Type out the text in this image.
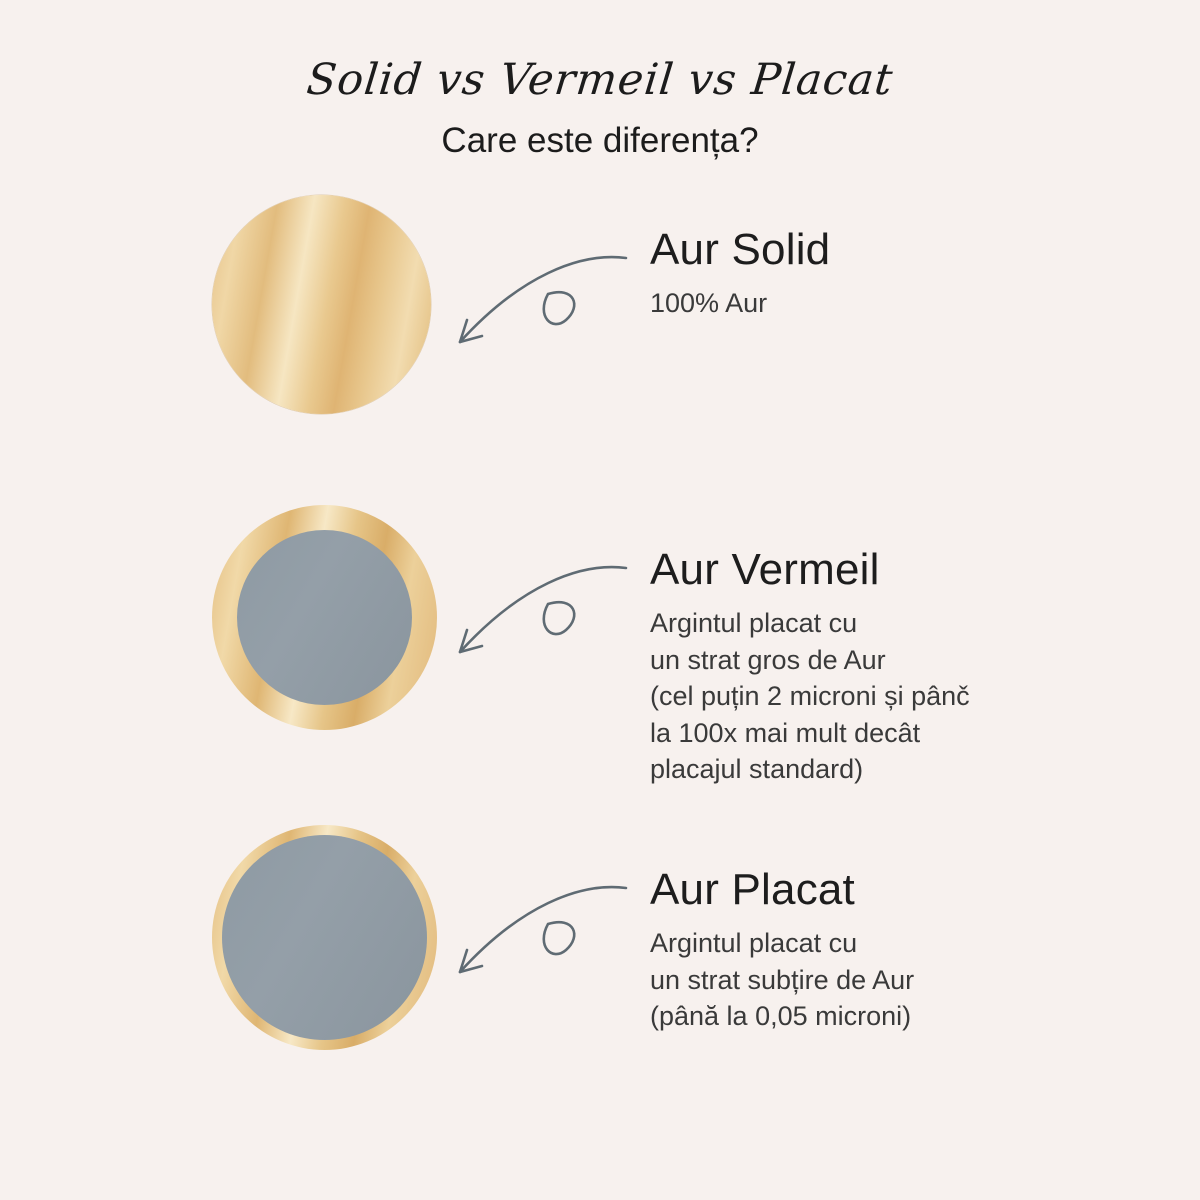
Solid vs Vermeil vs Placat
Care este diferența?
Aur Solid
100% Aur
Aur Vermeil
Argintul placat cu
un strat gros de Aur
(cel puțin 2 microni și pânč
la 100x mai mult decât
placajul standard)
Aur Placat
Argintul placat cu
un strat subțire de Aur
(până la 0,05 microni)
